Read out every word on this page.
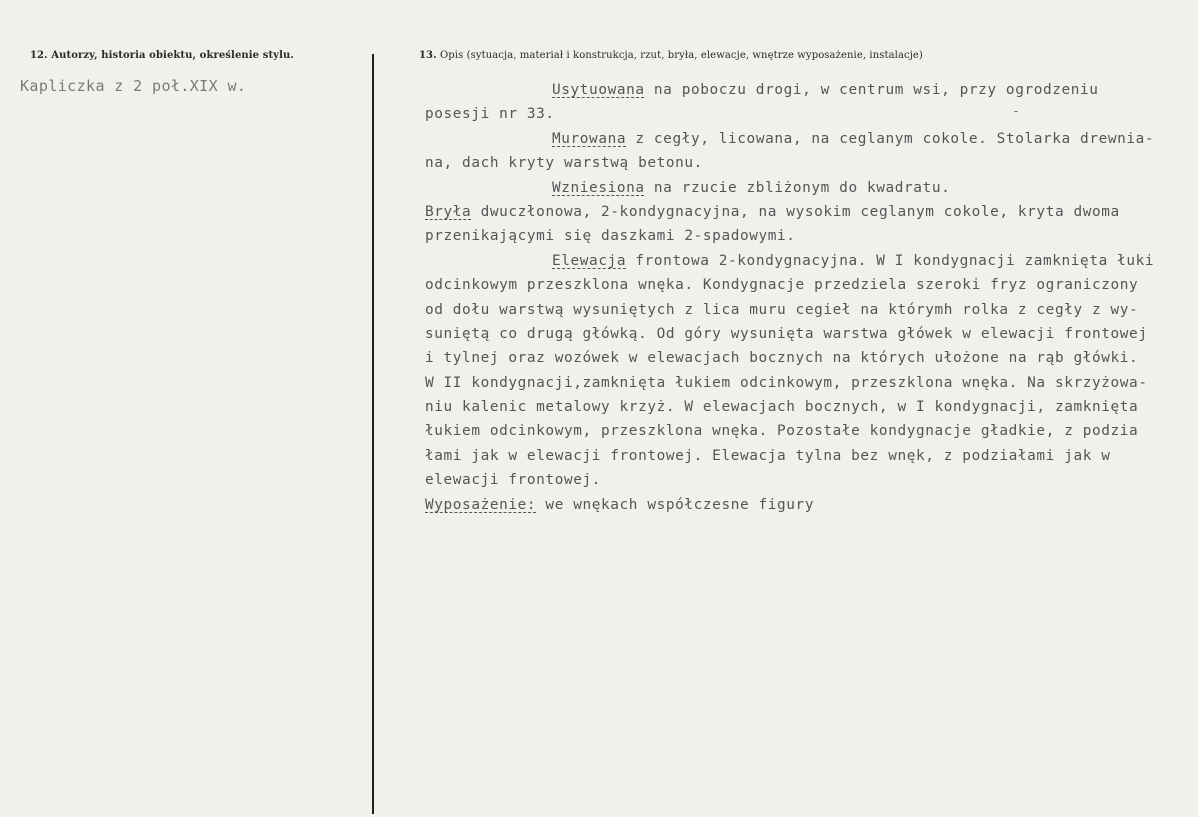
12. Autorzy, historia obiektu, określenie stylu.
Kapliczka z 2 poł.XIX w.
13. Opis (sytuacja, materiał i konstrukcja, rzut, bryła, elewacje, wnętrze wyposażenie, instalacje)
Usytuowana na poboczu drogi, w centrum wsi, przy ogrodzeniu
posesji nr 33.
Murowana z cegły, licowana, na ceglanym cokole. Stolarka drewnia-
na, dach kryty warstwą betonu.
Wzniesiona na rzucie zbliżonym do kwadratu.
Bryła dwuczłonowa, 2-kondygnacyjna, na wysokim ceglanym cokole, kryta dwoma
przenikającymi się daszkami 2-spadowymi.
Elewacja frontowa 2-kondygnacyjna. W I kondygnacji zamknięta łuki
odcinkowym przeszklona wnęka. Kondygnacje przedziela szeroki fryz ograniczony
od dołu warstwą wysuniętych z lica muru cegieł na którymh rolka z cegły z wy-
suniętą co drugą główką. Od góry wysunięta warstwa główek w elewacji frontowej
i tylnej oraz wozówek w elewacjach bocznych na których ułożone na rąb główki.
W II kondygnacji,zamknięta łukiem odcinkowym, przeszklona wnęka. Na skrzyżowa-
niu kalenic metalowy krzyż. W elewacjach bocznych, w I kondygnacji, zamknięta
łukiem odcinkowym, przeszklona wnęka. Pozostałe kondygnacje gładkie, z podzia
łami jak w elewacji frontowej. Elewacja tylna bez wnęk, z podziałami jak w
elewacji frontowej.
Wyposażenie: we wnękach współczesne figury
-
